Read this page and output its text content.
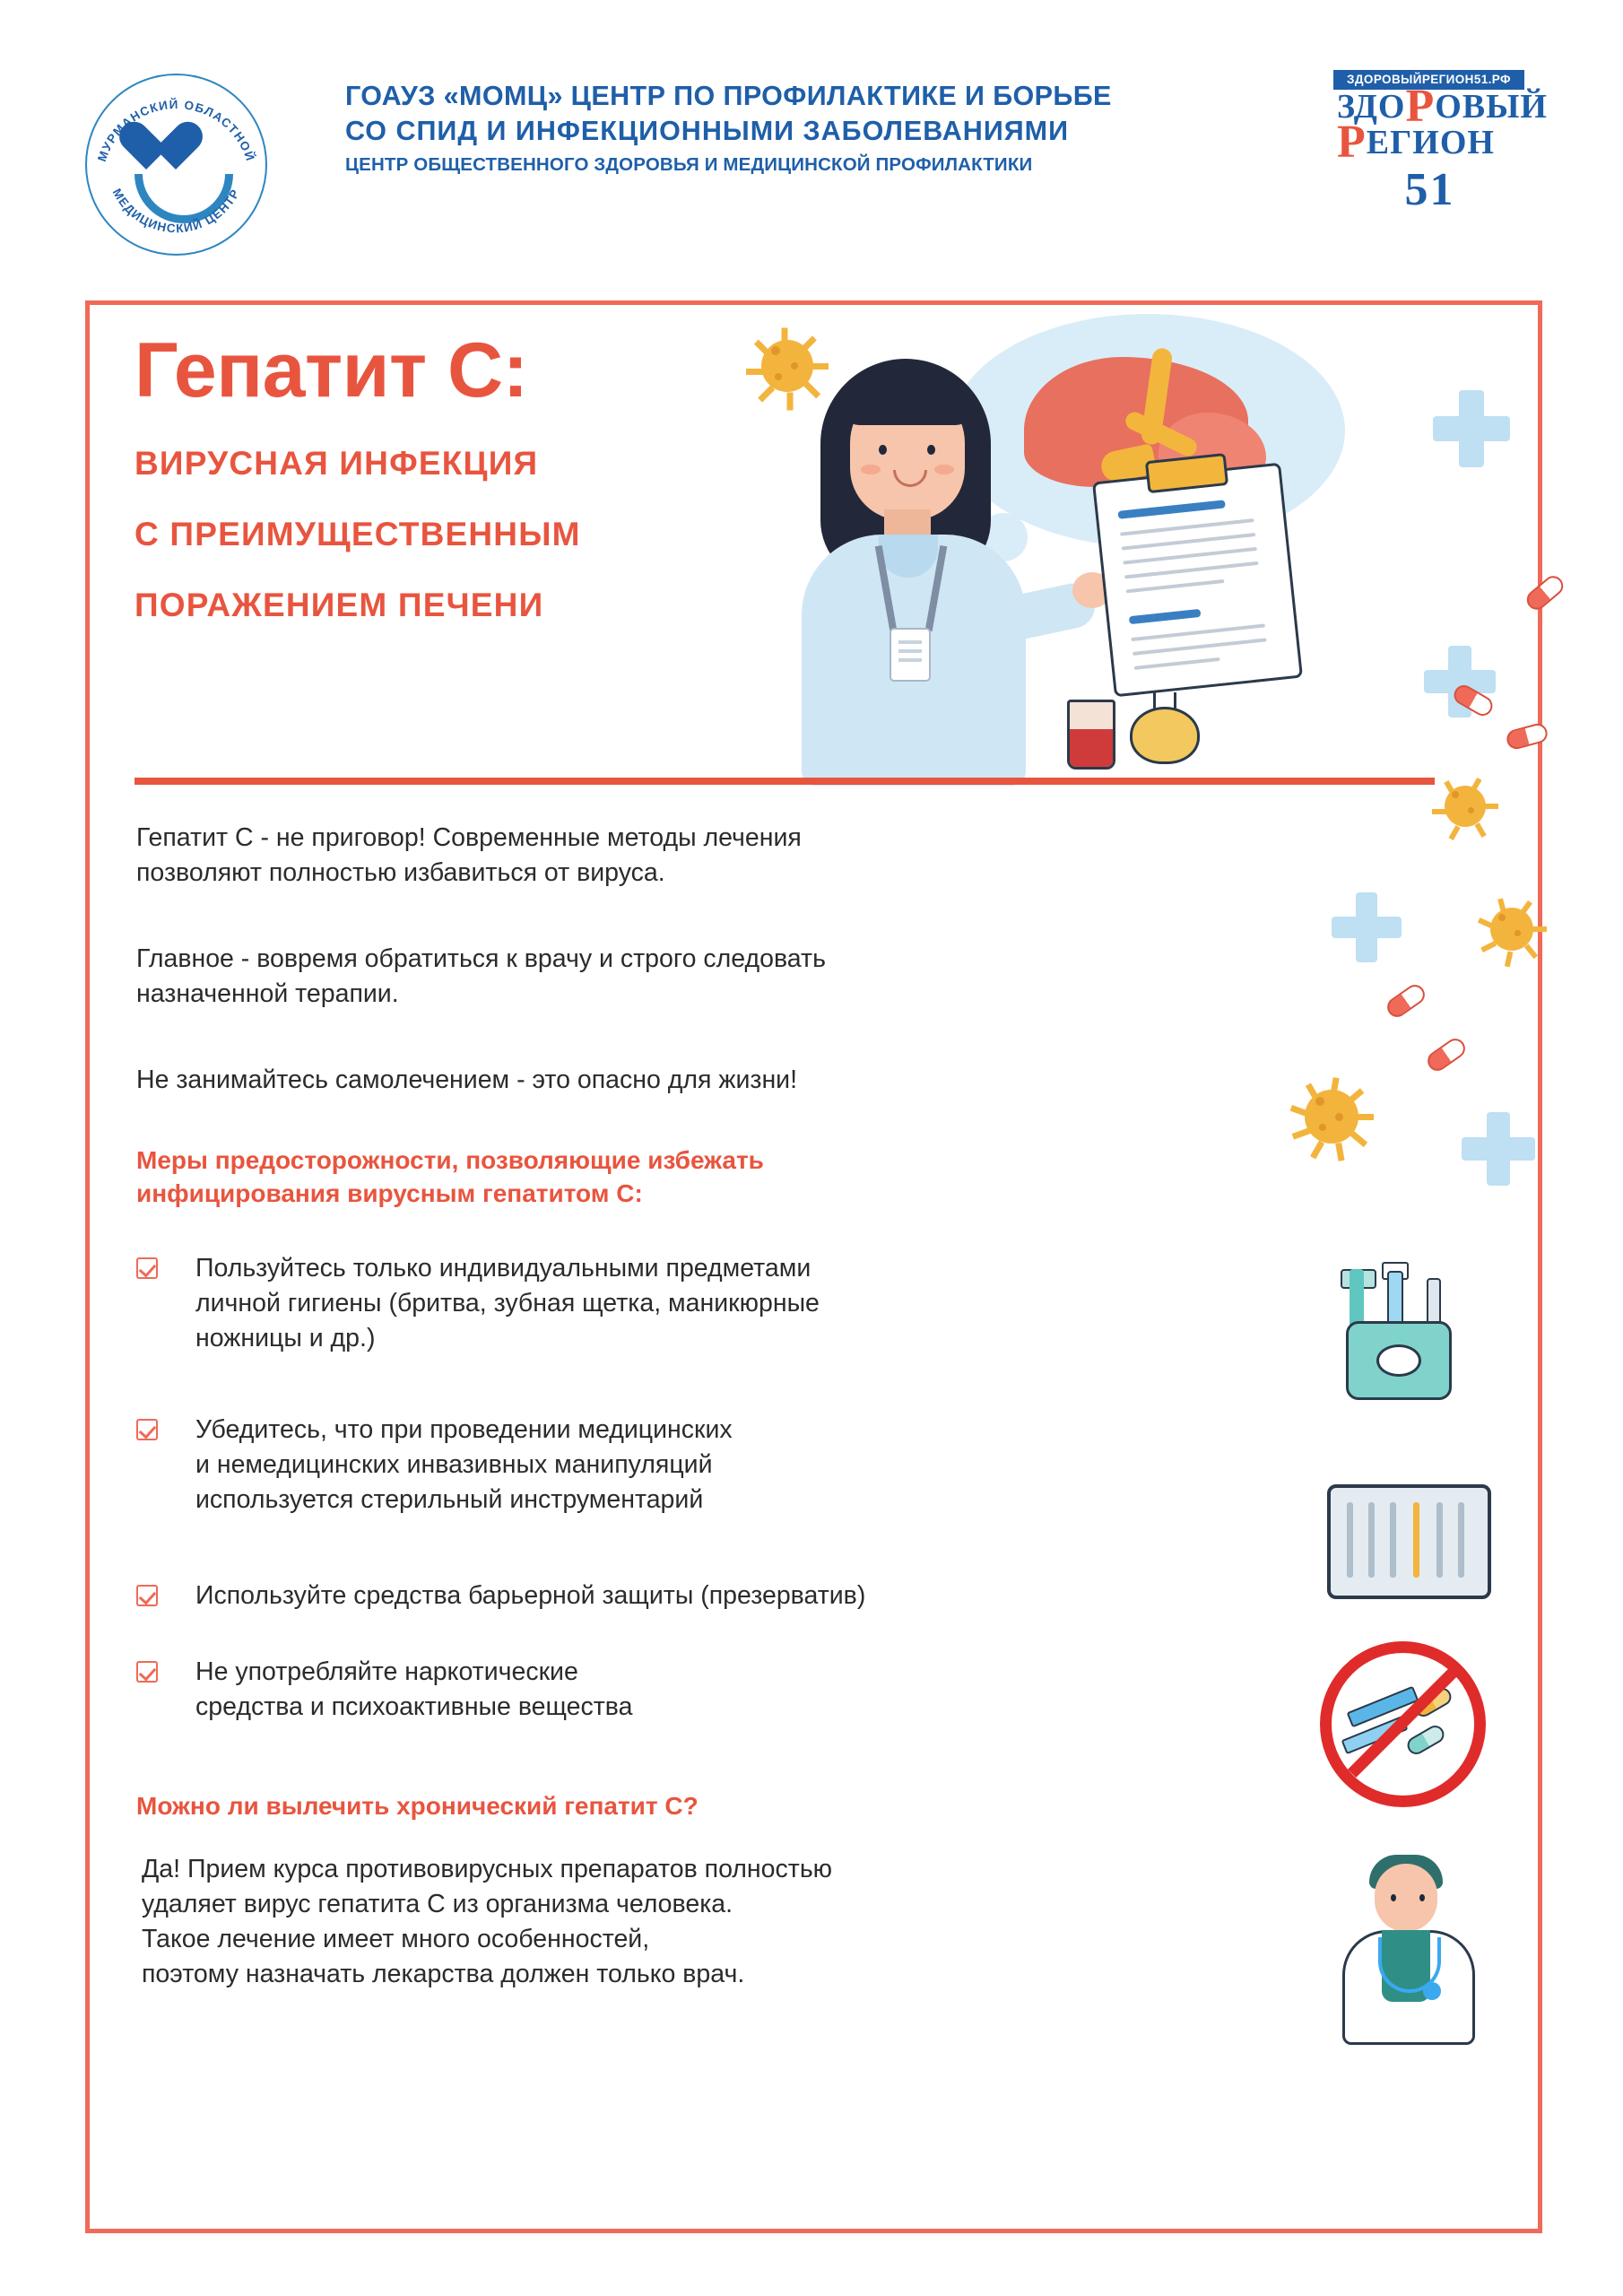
МУРМАНСКИЙ ОБЛАСТНОЙ
МЕДИЦИНСКИЙ ЦЕНТР
ГОАУЗ «МОМЦ» ЦЕНТР ПО ПРОФИЛАКТИКЕ И БОРЬБЕ
СО СПИД И ИНФЕКЦИОННЫМИ ЗАБОЛЕВАНИЯМИ
ЦЕНТР ОБЩЕСТВЕННОГО ЗДОРОВЬЯ И МЕДИЦИНСКОЙ ПРОФИЛАКТИКИ
ЗДОРОВЫЙРЕГИОН51.РФ
ЗДОРОВЫЙ
РЕГИОН
51
Гепатит С:
ВИРУСНАЯ ИНФЕКЦИЯ
С ПРЕИМУЩЕСТВЕННЫМ
ПОРАЖЕНИЕМ ПЕЧЕНИ
Гепатит С - не приговор! Современные методы лечения
позволяют полностью избавиться от вируса.
Главное - вовремя обратиться к врачу и строго следовать
назначенной терапии.
Не занимайтесь самолечением - это опасно для жизни!
Меры предосторожности, позволяющие избежать
инфицирования вирусным гепатитом С:
Пользуйтесь только индивидуальными предметами
личной гигиены (бритва, зубная щетка, маникюрные
ножницы и др.)
Убедитесь, что при проведении медицинских
и немедицинских инвазивных манипуляций
используется стерильный инструментарий
Используйте средства барьерной защиты (презерватив)
Не употребляйте наркотические
средства и психоактивные вещества
Можно ли вылечить хронический гепатит С?
Да! Прием курса противовирусных препаратов полностью
удаляет вирус гепатита С из организма человека.
Такое лечение имеет много особенностей,
поэтому назначать лекарства должен только врач.
